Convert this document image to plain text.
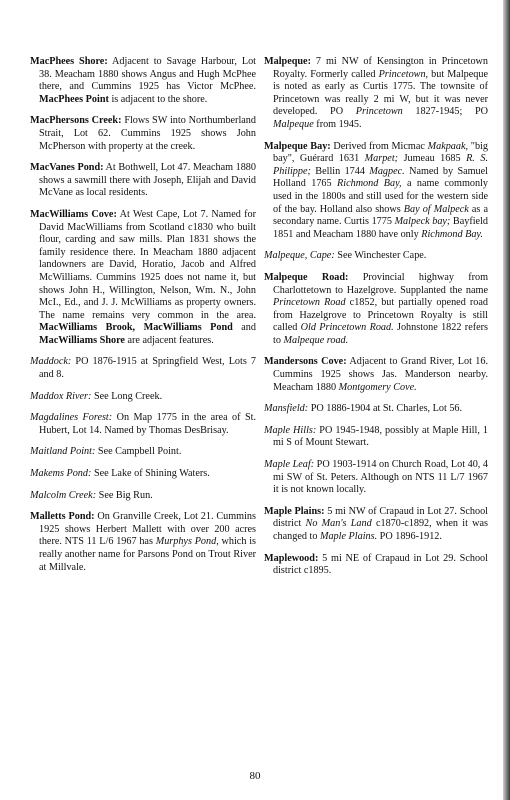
MacPhees Shore: Adjacent to Savage Harbour, Lot 38. Meacham 1880 shows Angus and Hugh McPhee there, and Cummins 1925 has Victor McPhee. MacPhees Point is adjacent to the shore.

MacPhersons Creek: Flows SW into Northumberland Strait, Lot 62. Cummins 1925 shows John McPherson with property at the creek.

MacVanes Pond: At Bothwell, Lot 47. Meacham 1880 shows a sawmill there with Joseph, Elijah and David McVane as local residents.

MacWilliams Cove: At West Cape, Lot 7. Named for David MacWilliams from Scotland c1830 who built flour, carding and saw mills. Plan 1831 shows the family residence there. In Meacham 1880 adjacent landowners are David, Horatio, Jacob and Alfred McWilliams. Cummins 1925 does not name it, but shows John H., Willington, Nelson, Wm. N., John McI., Ed., and J. J. McWilliams as property owners. The name remains very common in the area. MacWilliams Brook, MacWilliams Pond and MacWilliams Shore are adjacent features.

Maddock: PO 1876-1915 at Springfield West, Lots 7 and 8.

Maddox River: See Long Creek.

Magdalines Forest: On Map 1775 in the area of St. Hubert, Lot 14. Named by Thomas DesBrisay.

Maitland Point: See Campbell Point.

Makems Pond: See Lake of Shining Waters.

Malcolm Creek: See Big Run.

Malletts Pond: On Granville Creek, Lot 21. Cummins 1925 shows Herbert Mallett with over 200 acres there. NTS 11 L/6 1967 has Murphys Pond, which is really another name for Parsons Pond on Trout River at Millvale.

Malpeque: 7 mi NW of Kensington in Princetown Royalty. Formerly called Princetown, but Malpeque is noted as early as Curtis 1775. The townsite of Princetown was really 2 mi W, but it was never developed. PO Princetown 1827-1945; PO Malpeque from 1945.

Malpeque Bay: Derived from Micmac Makpaak, "big bay", Guérard 1631 Marpet; Jumeau 1685 R. S. Philippe; Bellin 1744 Magpec. Named by Samuel Holland 1765 Richmond Bay, a name commonly used in the 1800s and still used for the western side of the bay. Holland also shows Bay of Malpeck as a secondary name. Curtis 1775 Malpeck bay; Bayfield 1851 and Meacham 1880 have only Richmond Bay.

Malpeque, Cape: See Winchester Cape.

Malpeque Road: Provincial highway from Charlottetown to Hazelgrove. Supplanted the name Princetown Road c1852, but partially opened road from Hazelgrove to Princetown Royalty is still called Old Princetown Road. Johnstone 1822 refers to Malpeque road.

Mandersons Cove: Adjacent to Grand River, Lot 16. Cummins 1925 shows Jas. Manderson nearby. Meacham 1880 Montgomery Cove.

Mansfield: PO 1886-1904 at St. Charles, Lot 56.

Maple Hills: PO 1945-1948, possibly at Maple Hill, 1 mi S of Mount Stewart.

Maple Leaf: PO 1903-1914 on Church Road, Lot 40, 4 mi SW of St. Peters. Although on NTS 11 L/7 1967 it is not known locally.

Maple Plains: 5 mi NW of Crapaud in Lot 27. School district No Man's Land c1870-c1892, when it was changed to Maple Plains. PO 1896-1912.

Maplewood: 5 mi NE of Crapaud in Lot 29. School district c1895.

80
